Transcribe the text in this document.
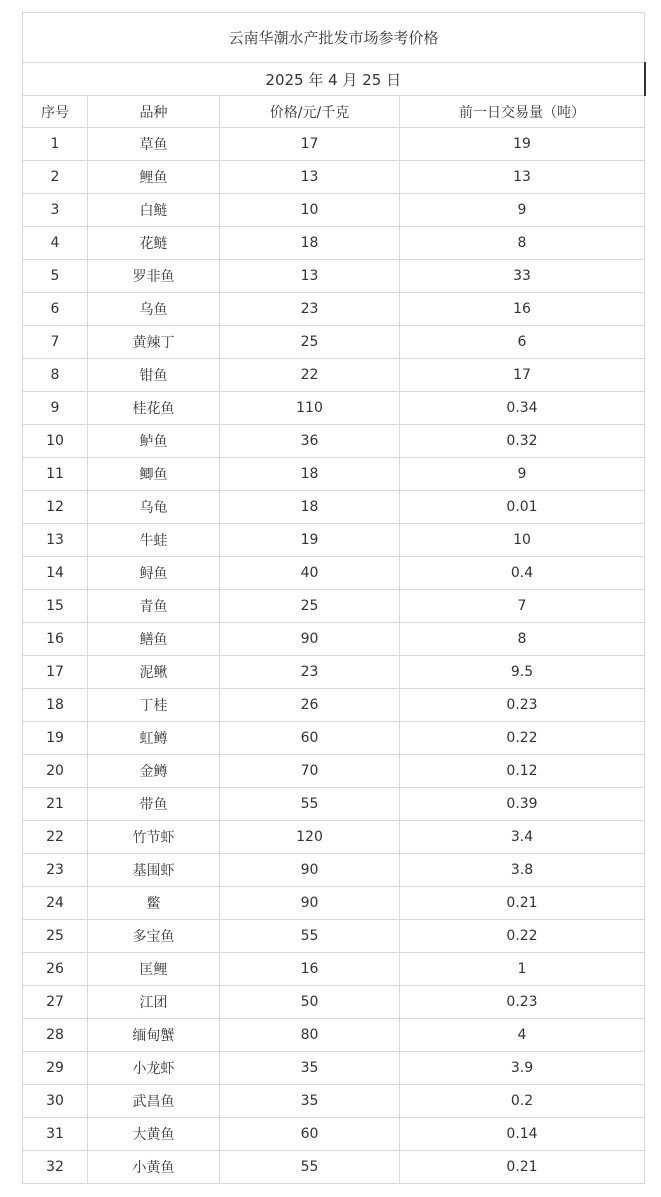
云南华潮水产批发市场参考价格			
2025 年 4 月 25 日			
序号	品种	价格/元/千克	前一日交易量（吨）
1	草鱼	17	19
2	鲤鱼	13	13
3	白鲢	10	9
4	花鲢	18	8
5	罗非鱼	13	33
6	乌鱼	23	16
7	黄辣丁	25	6
8	钳鱼	22	17
9	桂花鱼	110	0.34
10	鲈鱼	36	0.32
11	鲫鱼	18	9
12	乌龟	18	0.01
13	牛蛙	19	10
14	鲟鱼	40	0.4
15	青鱼	25	7
16	鳝鱼	90	8
17	泥鳅	23	9.5
18	丁桂	26	0.23
19	虹鳟	60	0.22
20	金鳟	70	0.12
21	带鱼	55	0.39
22	竹节虾	120	3.4
23	基围虾	90	3.8
24	鳖	90	0.21
25	多宝鱼	55	0.22
26	匡鲤	16	1
27	江团	50	0.23
28	缅甸蟹	80	4
29	小龙虾	35	3.9
30	武昌鱼	35	0.2
31	大黄鱼	60	0.14
32	小黄鱼	55	0.21
